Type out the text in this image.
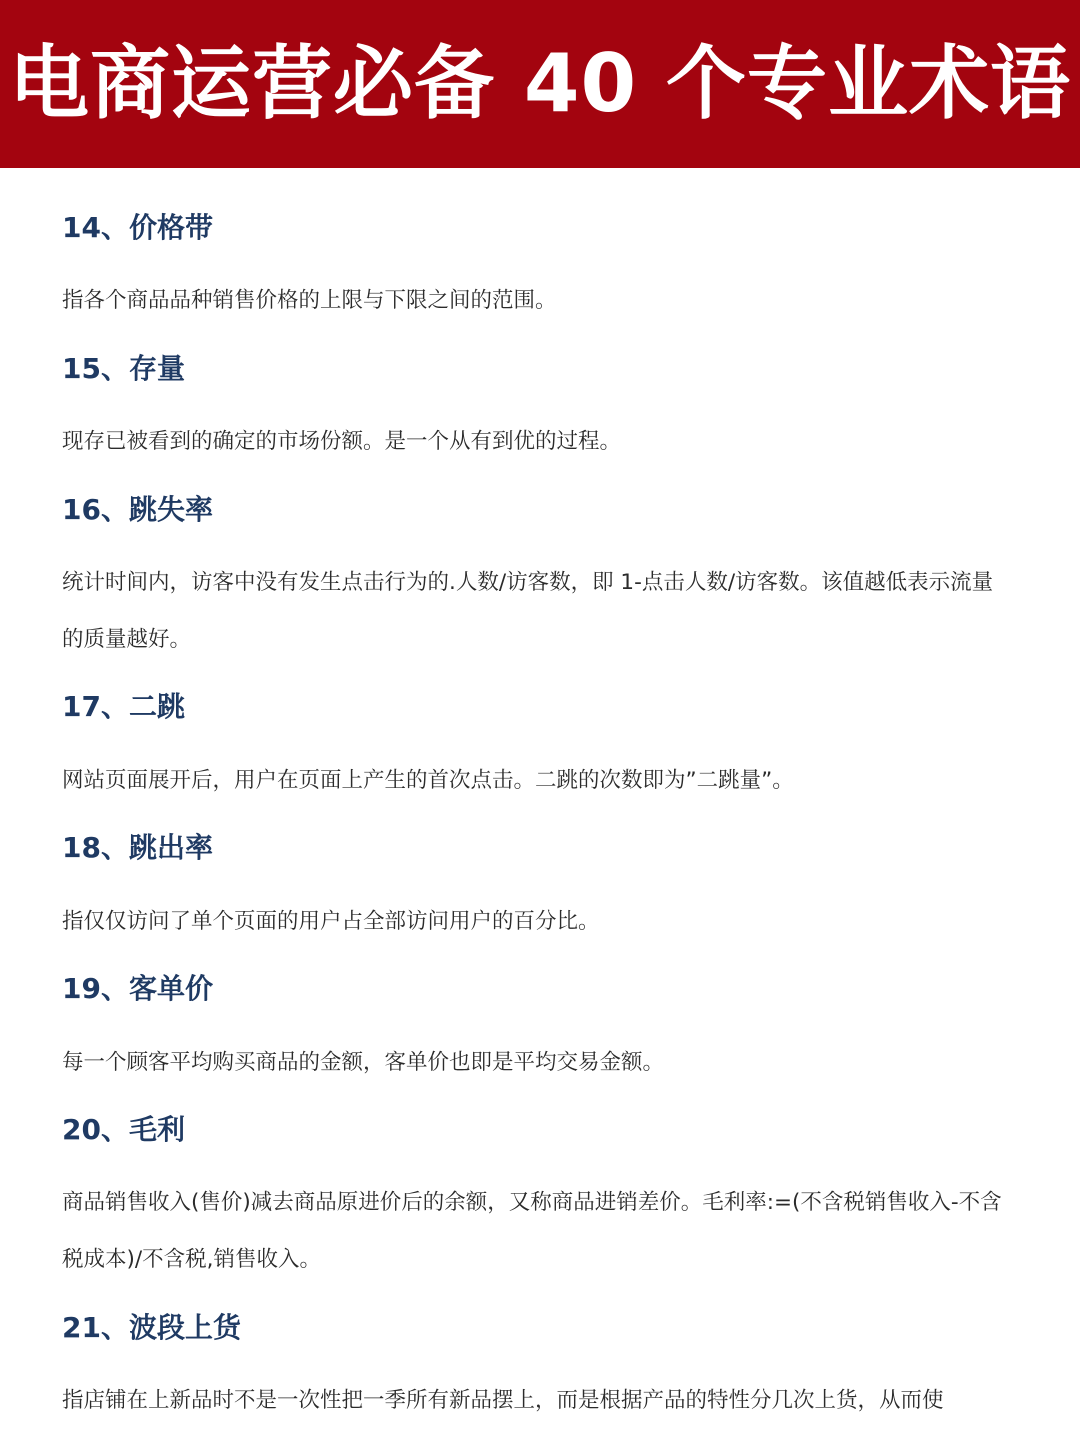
电商运营必备 40 个专业术语
14、价格带
指各个商品品种销售价格的上限与下限之间的范围。
15、存量
现存已被看到的确定的市场份额。是一个从有到优的过程。
16、跳失率
统计时间内，访客中没有发生点击行为的.人数/访客数，即 1-点击人数/访客数。该值越低表示流量的质量越好。
17、二跳
网站页面展开后，用户在页面上产生的首次点击。二跳的次数即为”二跳量”。
18、跳出率
指仅仅访问了单个页面的用户占全部访问用户的百分比。
19、客单价
每一个顾客平均购买商品的金额，客单价也即是平均交易金额。
20、毛利
商品销售收入(售价)减去商品原进价后的余额，又称商品进销差价。毛利率:=(不含税销售收入-不含税成本)/不含税,销售收入。
21、波段上货
指店铺在上新品时不是一次性把一季所有新品摆上，而是根据产品的特性分几次上货，从而使
